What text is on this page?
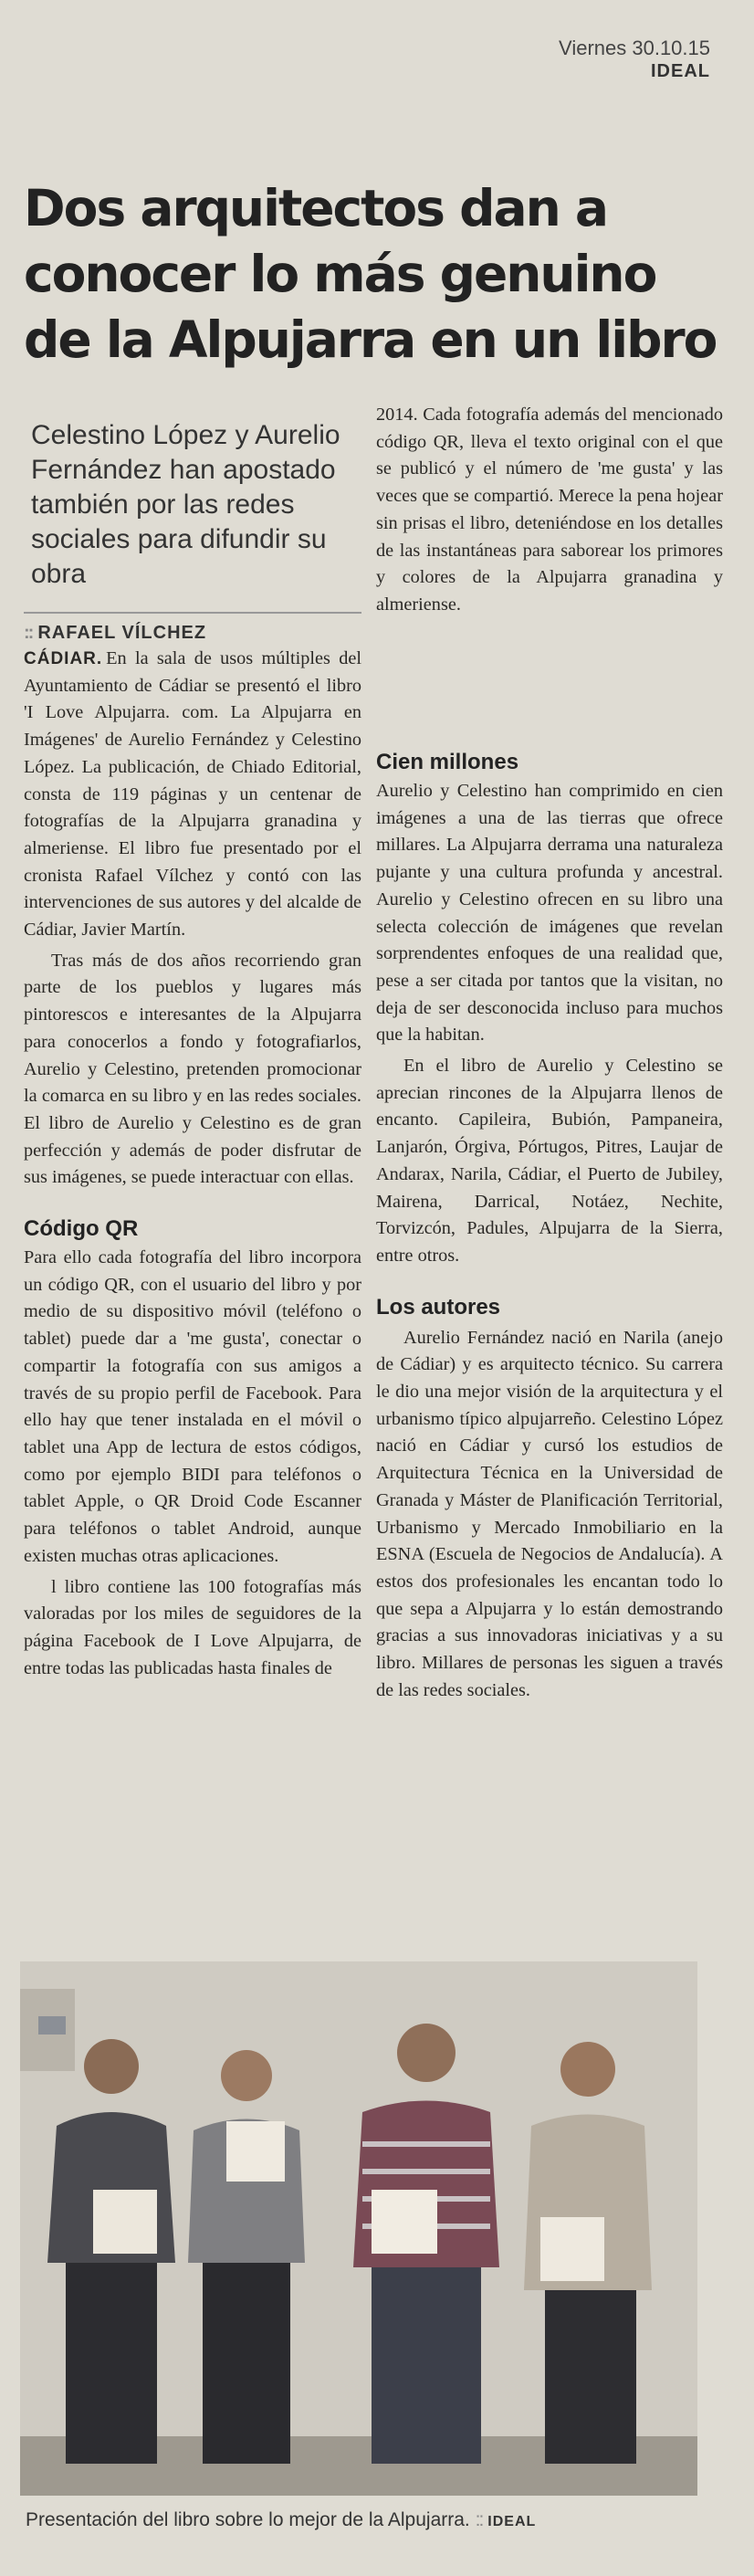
Viernes 30.10.15
IDEAL
Dos arquitectos dan a conocer lo más genuino de la Alpujarra en un libro
Celestino López y Aurelio Fernández han apostado también por las redes sociales para difundir su obra
:: RAFAEL VÍLCHEZ

CÁDIAR. En la sala de usos múltiples del Ayuntamiento de Cádiar se presentó el libro 'I Love Alpujarra. com. La Alpujarra en Imágenes' de Aurelio Fernández y Celestino López. La publicación, de Chiado Editorial, consta de 119 páginas y un centenar de fotografías de la Alpujarra granadina y almeriense. El libro fue presentado por el cronista Rafael Vílchez y contó con las intervenciones de sus autores y del alcalde de Cádiar, Javier Martín.

Tras más de dos años recorriendo gran parte de los pueblos y lugares más pintorescos e interesantes de la Alpujarra para conocerlos a fondo y fotografiarlos, Aurelio y Celestino, pretenden promocionar la comarca en su libro y en las redes sociales. El libro de Aurelio y Celestino es de gran perfección y además de poder disfrutar de sus imágenes, se puede interactuar con ellas.

Código QR

Para ello cada fotografía del libro incorpora un código QR, con el usuario del libro y por medio de su dispositivo móvil (teléfono o tablet) puede dar a 'me gusta', conectar o compartir la fotografía con sus amigos a través de su propio perfil de Facebook. Para ello hay que tener instalada en el móvil o tablet una App de lectura de estos códigos, como por ejemplo BIDI para teléfonos o tablet Apple, o QR Droid Code Escanner para teléfonos o tablet Android, aunque existen muchas otras aplicaciones.

l libro contiene las 100 fotografías más valoradas por los miles de seguidores de la página Facebook de I Love Alpujarra, de entre todas las publicadas hasta finales de

2014. Cada fotografía además del mencionado código QR, lleva el texto original con el que se publicó y el número de 'me gusta' y las veces que se compartió. Merece la pena hojear sin prisas el libro, deteniéndose en los detalles de las instantáneas para saborear los primores y colores de la Alpujarra granadina y almeriense.

Cien millones

Aurelio y Celestino han comprimido en cien imágenes a una de las tierras que ofrece millares. La Alpujarra derrama una naturaleza pujante y una cultura profunda y ancestral. Aurelio y Celestino ofrecen en su libro una selecta colección de imágenes que revelan sorprendentes enfoques de una realidad que, pese a ser citada por tantos que la visitan, no deja de ser desconocida incluso para muchos que la habitan.

En el libro de Aurelio y Celestino se aprecian rincones de la Alpujarra llenos de encanto. Capileira, Bubión, Pampaneira, Lanjarón, Órgiva, Pórtugos, Pitres, Laujar de Andarax, Narila, Cádiar, el Puerto de Jubiley, Mairena, Darrical, Notáez, Nechite, Torvizcón, Padules, Alpujarra de la Sierra, entre otros.

Los autores

Aurelio Fernández nació en Narila (anejo de Cádiar) y es arquitecto técnico. Su carrera le dio una mejor visión de la arquitectura y el urbanismo típico alpujarreño. Celestino López nació en Cádiar y cursó los estudios de Arquitectura Técnica en la Universidad de Granada y Máster de Planificación Territorial, Urbanismo y Mercado Inmobiliario en la ESNA (Escuela de Negocios de Andalucía). A estos dos profesionales les encantan todo lo que sepa a Alpujarra y lo están demostrando gracias a sus innovadoras iniciativas y a su libro. Millares de personas les siguen a través de las redes sociales.

Presentación del libro sobre lo mejor de la Alpujarra. :: IDEAL
